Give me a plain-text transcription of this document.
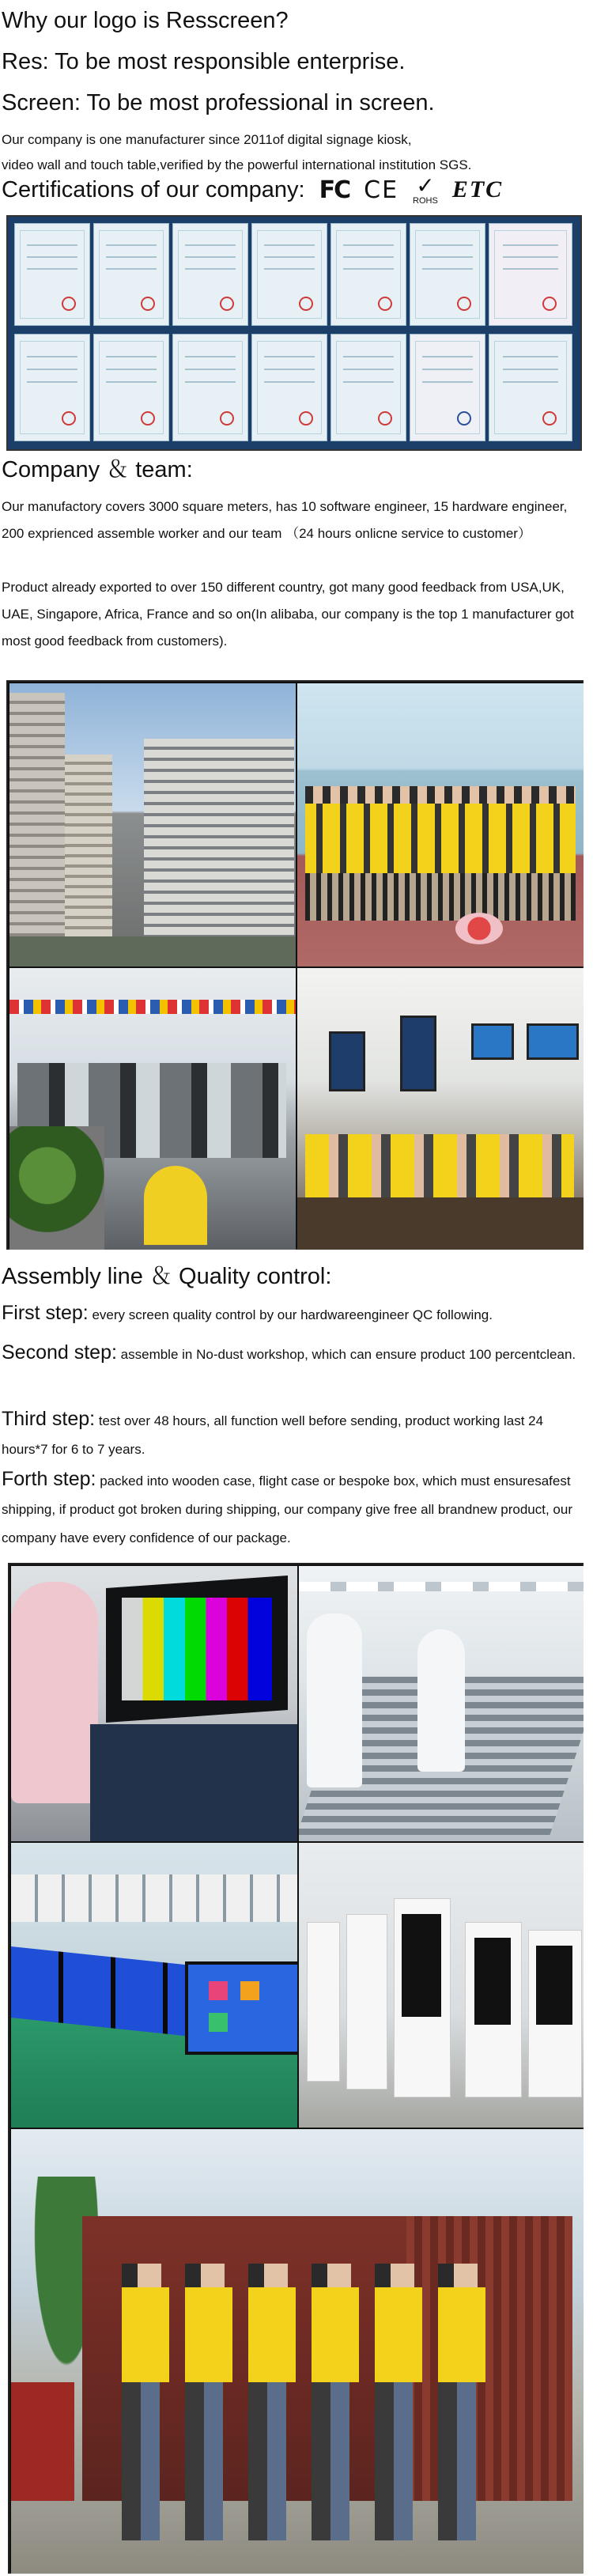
Why our logo is Resscreen?
Res: To be most responsible enterprise.
Screen: To be most professional in screen.
Our company is one manufacturer since 2011of digital signage kiosk,
video wall and touch table,verified by the powerful international institution SGS.
Certifications of our company: FC CE ✓
ROHS ETC
Company ＆ team:
Our manufactory covers 3000 square meters, has 10 software engineer, 15 hardware engineer, 200 exprienced assemble worker and our team （24 hours onlicne service to customer）
Product already exported to over 150 different country, got many good feedback from USA,UK, UAE, Singapore, Africa, France and so on(In alibaba, our company is the top 1 manufacturer got most good feedback from customers).
Assembly line ＆ Quality control:
First step: every screen quality control by our hardwareengineer QC following.
Second step: assemble in No-dust workshop, which can ensure product 100 percentclean.
Third step: test over 48 hours, all function well before sending, product working last 24 hours*7 for 6 to 7 years.
Forth step: packed into wooden case, flight case or bespoke box, which must ensuresafest shipping, if product got broken during shipping, our company give free all brandnew product, our company have every confidence of our package.
